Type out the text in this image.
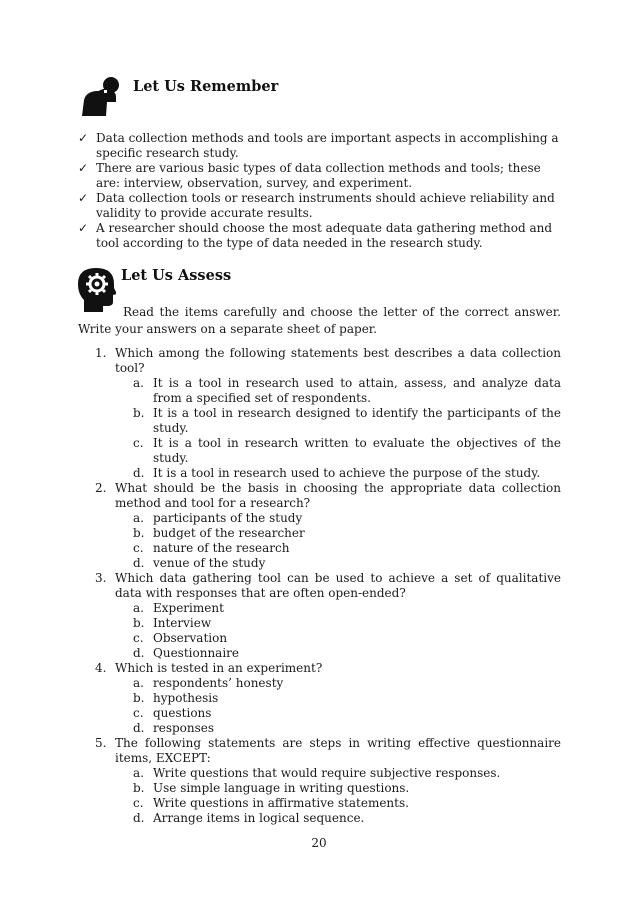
Let Us Remember
✓ Data collection methods and tools are important aspects in accomplishing a specific research study.
✓ There are various basic types of data collection methods and tools; these are: interview, observation, survey, and experiment.
✓ Data collection tools or research instruments should achieve reliability and validity to provide accurate results.
✓ A researcher should choose the most adequate data gathering method and tool according to the type of data needed in the research study.
Let Us Assess

Read the items carefully and choose the letter of the correct answer. Write your answers on a separate sheet of paper.

1. Which among the following statements best describes a data collection tool?
a. It is a tool in research used to attain, assess, and analyze data from a specified set of respondents.
b. It is a tool in research designed to identify the participants of the study.
c. It is a tool in research written to evaluate the objectives of the study.
d. It is a tool in research used to achieve the purpose of the study.
2. What should be the basis in choosing the appropriate data collection method and tool for a research?
a. participants of the study
b. budget of the researcher
c. nature of the research
d. venue of the study
3. Which data gathering tool can be used to achieve a set of qualitative data with responses that are often open-ended?
a. Experiment
b. Interview
c. Observation
d. Questionnaire
4. Which is tested in an experiment?
a. respondents’ honesty
b. hypothesis
c. questions
d. responses
5. The following statements are steps in writing effective questionnaire items, EXCEPT:
a. Write questions that would require subjective responses.
b. Use simple language in writing questions.
c. Write questions in affirmative statements.
d. Arrange items in logical sequence.
20
